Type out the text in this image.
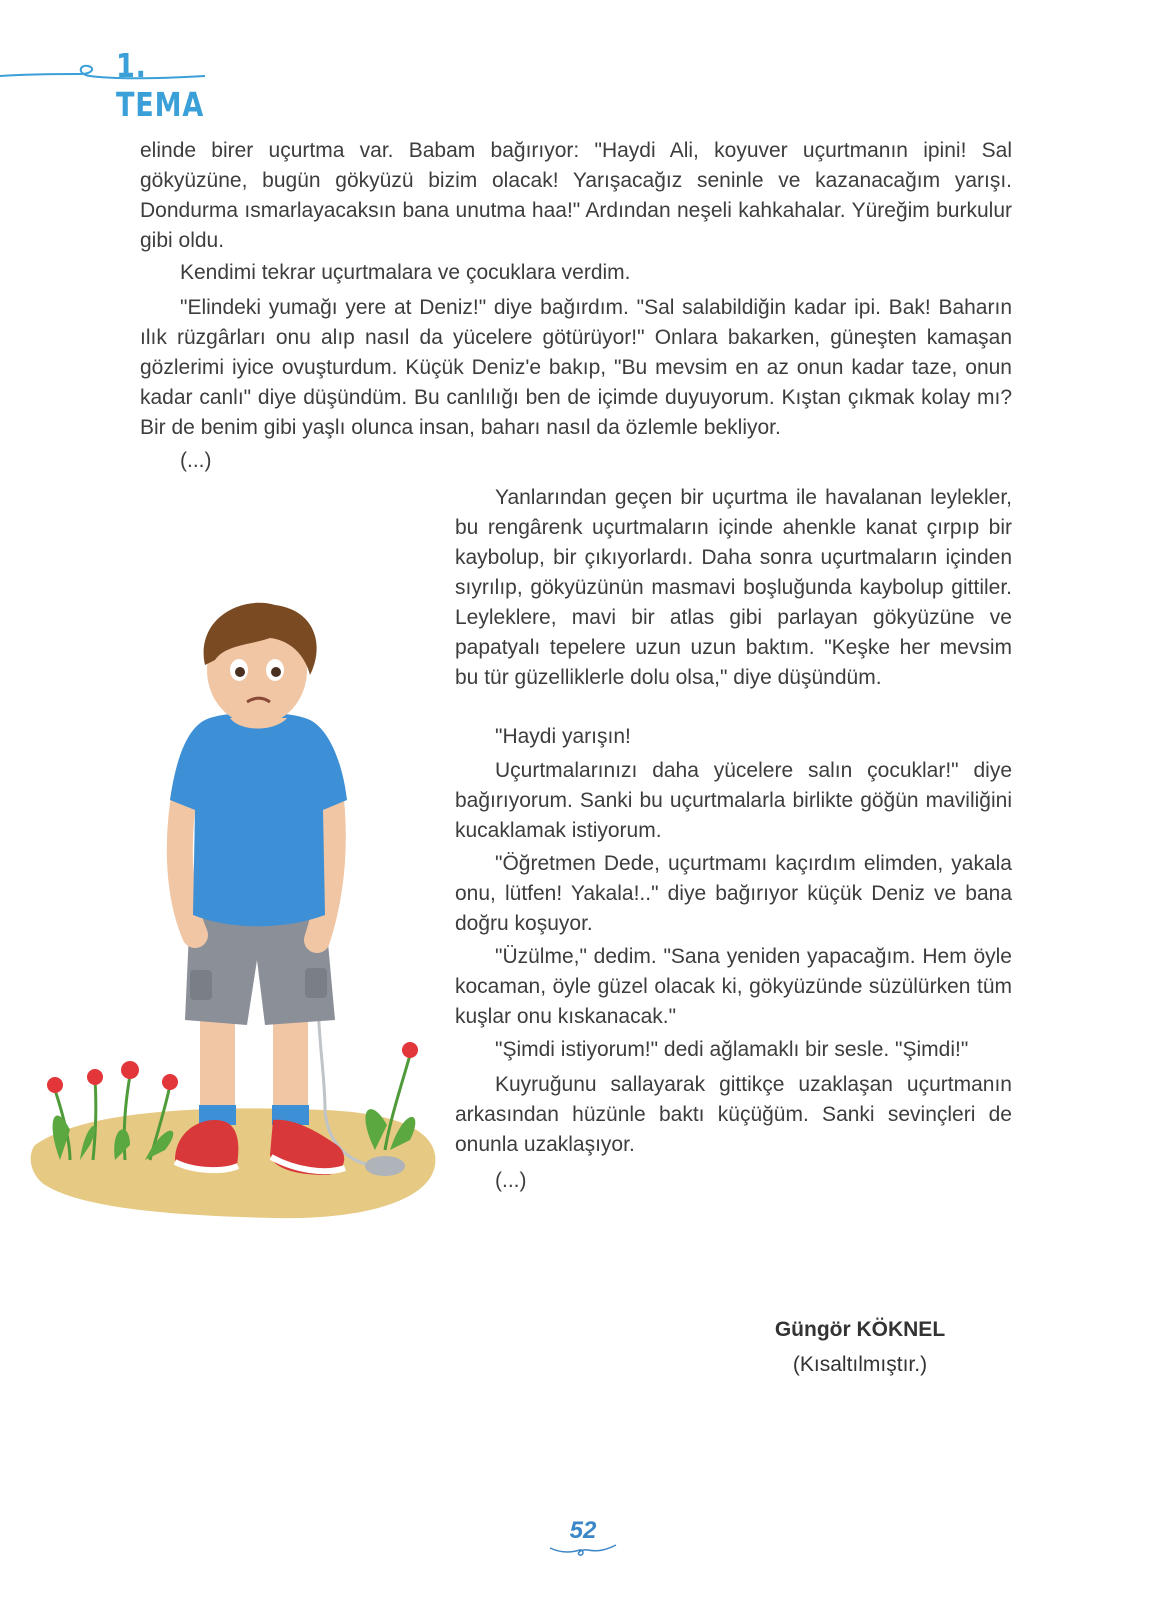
1. TEMA

elinde birer uçurtma var. Babam bağırıyor: "Haydi Ali, koyuver uçurtmanın ipini! Sal gökyüzüne, bugün gökyüzü bizim olacak! Yarışacağız seninle ve kazanacağım yarışı. Dondurma ısmarlayacaksın bana unutma haa!" Ardından neşeli kahkahalar. Yüreğim burkulur gibi oldu.

Kendimi tekrar uçurtmalara ve çocuklara verdim.

"Elindeki yumağı yere at Deniz!" diye bağırdım. "Sal salabildiğin kadar ipi. Bak! Baharın ılık rüzgârları onu alıp nasıl da yücelere götürüyor!" Onlara bakarken, güneşten kamaşan gözlerimi iyice ovuşturdum. Küçük Deniz'e bakıp, "Bu mevsim en az onun kadar taze, onun kadar canlı" diye düşündüm. Bu canlılığı ben de içimde duyuyorum. Kıştan çıkmak kolay mı? Bir de benim gibi yaşlı olunca insan, baharı nasıl da özlemle bekliyor.

(...)

Yanlarından geçen bir uçurtma ile havalanan leylekler, bu rengârenk uçurtmaların içinde ahenkle kanat çırpıp bir kaybolup, bir çıkıyorlardı. Daha sonra uçurtmaların içinden sıyrılıp, gökyüzünün masmavi boşluğunda kaybolup gittiler. Leyleklere, mavi bir atlas gibi parlayan gökyüzüne ve papatyalı tepelere uzun uzun baktım. "Keşke her mevsim bu tür güzelliklerle dolu olsa," diye düşündüm.

"Haydi yarışın!

Uçurtmalarınızı daha yücelere salın çocuklar!" diye bağırıyorum. Sanki bu uçurtmalarla birlikte göğün maviliğini kucaklamak istiyorum.

"Öğretmen Dede, uçurtmamı kaçırdım elimden, yakala onu, lütfen! Yakala!.." diye bağırıyor küçük Deniz ve bana doğru koşuyor.

"Üzülme," dedim. "Sana yeniden yapacağım. Hem öyle kocaman, öyle güzel olacak ki, gökyüzünde süzülürken tüm kuşlar onu kıskanacak."

"Şimdi istiyorum!" dedi ağlamaklı bir sesle. "Şimdi!"

Kuyruğunu sallayarak gittikçe uzaklaşan uçurtmanın arkasından hüzünle baktı küçüğüm. Sanki sevinçleri de onunla uzaklaşıyor.

(...)

Güngör KÖKNEL
(Kısaltılmıştır.)
52
